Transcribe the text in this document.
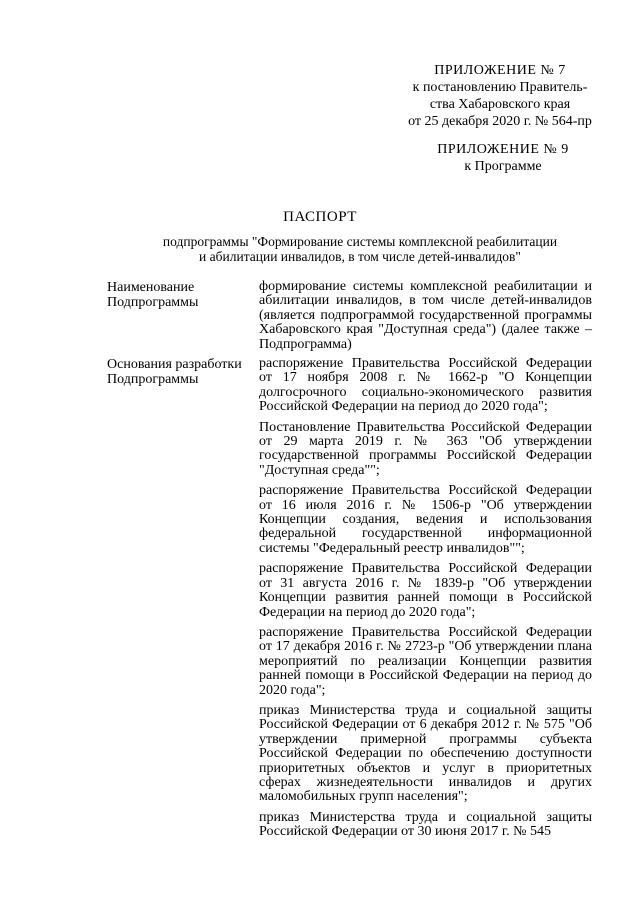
ПРИЛОЖЕНИЕ № 7
к постановлению Правитель-
ства Хабаровского края
от 25 декабря 2020 г. № 564-пр
ПРИЛОЖЕНИЕ № 9
к Программе
ПАСПОРТ
подпрограммы "Формирование системы комплексной реабилитации
и абилитации инвалидов, в том числе детей-инвалидов"
Наименование Подпрограммы

формирование системы комплексной реабилитации и абилитации инвалидов, в том числе детей-инвалидов (является подпрограммой государственной программы Хабаровского края "Доступная среда") (далее также – Подпрограмма)

Основания разработки Подпрограммы

распоряжение Правительства Российской Федерации от 17 ноября 2008 г. № 1662-р "О Концепции долгосрочного социально-экономического развития Российской Федерации на период до 2020 года";

Постановление Правительства Российской Федерации от 29 марта 2019 г. № 363 "Об утверждении государственной программы Российской Федерации "Доступная среда"";

распоряжение Правительства Российской Федерации от 16 июля 2016 г. № 1506-р "Об утверждении Концепции создания, ведения и использования федеральной государственной информационной системы "Федеральный реестр инвалидов"";

распоряжение Правительства Российской Федерации от 31 августа 2016 г. № 1839-р "Об утверждении Концепции развития ранней помощи в Российской Федерации на период до 2020 года";

распоряжение Правительства Российской Федерации от 17 декабря 2016 г. № 2723-р "Об утверждении плана мероприятий по реализации Концепции развития ранней помощи в Российской Федерации на период до 2020 года";

приказ Министерства труда и социальной защиты Российской Федерации от 6 декабря 2012 г. № 575 "Об утверждении примерной программы субъекта Российской Федерации по обеспечению доступности приоритетных объектов и услуг в приоритетных сферах жизнедеятельности инвалидов и других маломобильных групп населения";

приказ Министерства труда и социальной защиты Российской Федерации от 30 июня 2017 г. № 545
